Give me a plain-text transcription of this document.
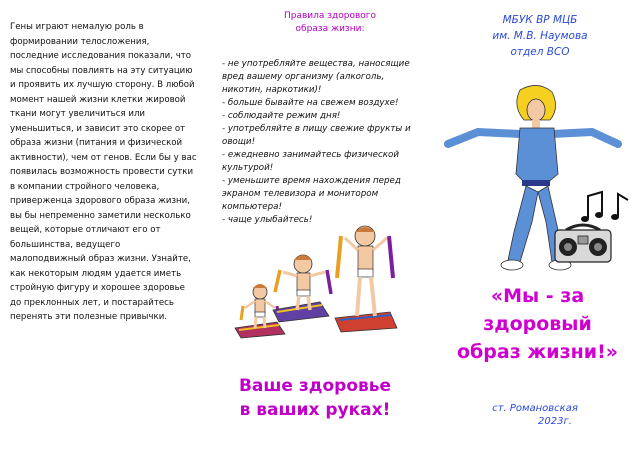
Гены играют немалую роль в формировании телосложения, последние исследования показали, что мы способны повлиять на эту ситуацию и проявить их лучшую сторону. В любой момент нашей жизни клетки жировой ткани могут увеличиться или уменьшиться, и зависит это скорее от образа жизни (питания и физической активности), чем от генов. Если бы у вас появилась возможность провести сутки в компании стройного человека, приверженца здорового образа жизни, вы бы непременно заметили несколько вещей, которые отличают его от большинства, ведущего малоподвижный образ жизни. Узнайте, как некоторым людям удается иметь стройную фигуру и хорошее здоровье до преклонных лет, и постарайтесь перенять эти полезные привычки.
Правила здорового образа жизни:
- не употребляйте вещества, наносящие вред вашему организму (алкоголь, никотин, наркотики)!
- больше бывайте на свежем воздухе!
- соблюдайте режим дня!
- употребляйте в пищу свежие фрукты и овощи!
- ежедневно занимайтесь физической культурой!
- уменьшите время нахождения перед экраном телевизора и монитором компьютера!
- чаще улыбайтесь!
Ваше здоровье в ваших руках!
МБУК ВР МЦБ
им. М.В. Наумова
отдел ВСО
«Мы - за здоровый образ жизни!»
ст. Романовская
2023г.
